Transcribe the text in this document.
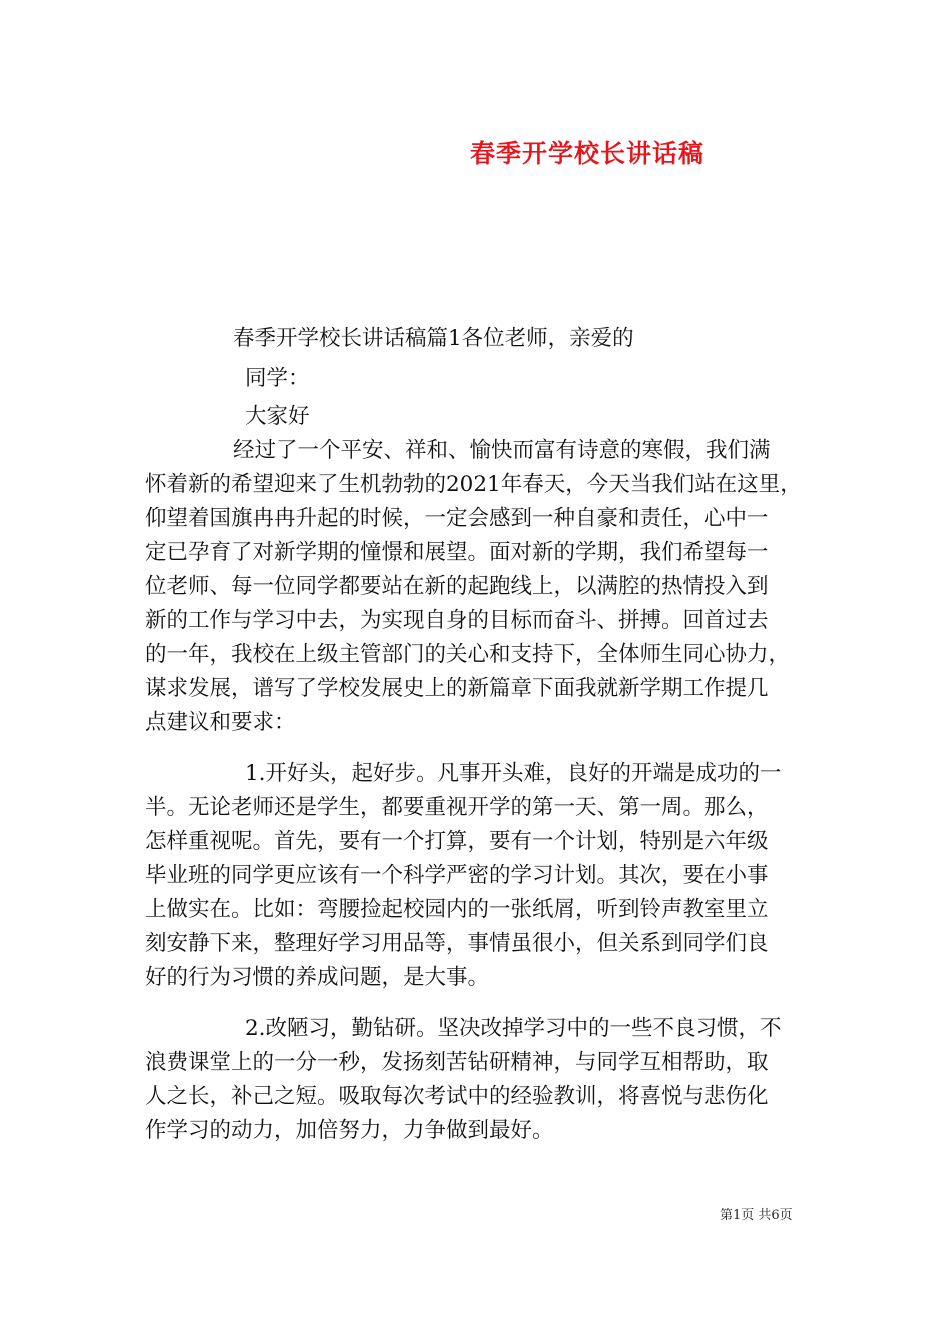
春季开学校长讲话稿
春季开学校长讲话稿篇1各位老师，亲爱的
同学：
大家好
经过了一个平安、祥和、愉快而富有诗意的寒假，我们满
怀着新的希望迎来了生机勃勃的2021年春天，今天当我们站在这里，
仰望着国旗冉冉升起的时候，一定会感到一种自豪和责任，心中一
定已孕育了对新学期的憧憬和展望。面对新的学期，我们希望每一
位老师、每一位同学都要站在新的起跑线上，以满腔的热情投入到
新的工作与学习中去，为实现自身的目标而奋斗、拼搏。回首过去
的一年，我校在上级主管部门的关心和支持下，全体师生同心协力，
谋求发展，谱写了学校发展史上的新篇章下面我就新学期工作提几
点建议和要求：
1.开好头，起好步。凡事开头难，良好的开端是成功的一
半。无论老师还是学生，都要重视开学的第一天、第一周。那么，
怎样重视呢。首先，要有一个打算，要有一个计划，特别是六年级
毕业班的同学更应该有一个科学严密的学习计划。其次，要在小事
上做实在。比如：弯腰捡起校园内的一张纸屑，听到铃声教室里立
刻安静下来，整理好学习用品等，事情虽很小，但关系到同学们良
好的行为习惯的养成问题，是大事。
2.改陋习，勤钻研。坚决改掉学习中的一些不良习惯，不
浪费课堂上的一分一秒，发扬刻苦钻研精神，与同学互相帮助，取
人之长，补己之短。吸取每次考试中的经验教训，将喜悦与悲伤化
作学习的动力，加倍努力，力争做到最好。
第1页 共6页
